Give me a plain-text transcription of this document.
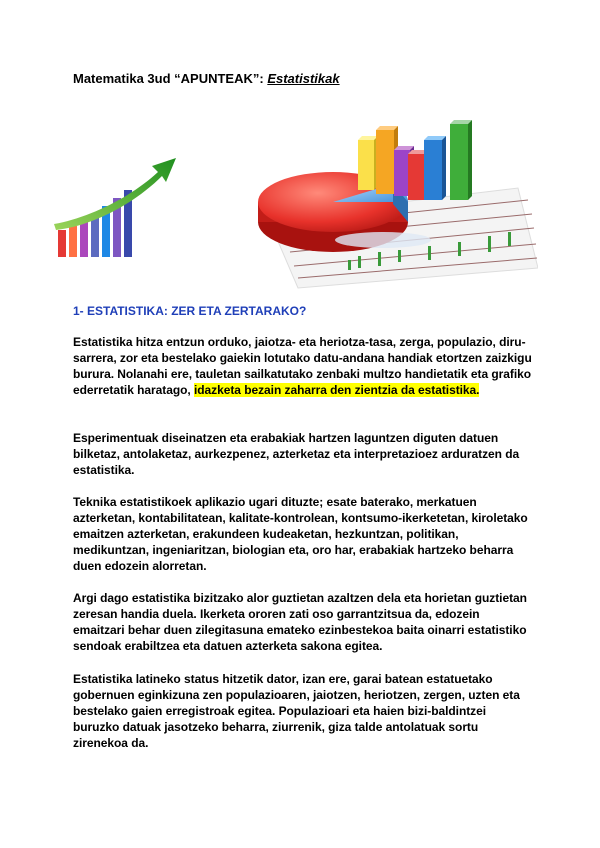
Matematika 3ud “APUNTEAK”: Estatistikak
1- ESTATISTIKA: ZER ETA ZERTARAKO?

Estatistika hitza entzun orduko, jaiotza- eta heriotza-tasa, zerga, populazio, diru-sarrera, zor eta bestelako gaiekin lotutako datu-andana handiak etortzen zaizkigu burura. Nolanahi ere, tauletan sailkatutako zenbaki multzo handietatik eta grafiko ederretatik haratago, idazketa bezain zaharra den zientzia da estatistika.

Esperimentuak diseinatzen eta erabakiak hartzen laguntzen diguten datuen bilketaz, antolaketaz, aurkezpenez, azterketaz eta interpretazioez arduratzen da estatistika.

Teknika estatistikoek aplikazio ugari dituzte; esate baterako, merkatuen azterketan, kontabilitatean, kalitate-kontrolean, kontsumo-ikerketetan, kiroletako emaitzen azterketan, erakundeen kudeaketan, hezkuntzan, politikan, medikuntzan, ingeniaritzan, biologian eta, oro har, erabakiak hartzeko beharra duen edozein alorretan.

Argi dago estatistika bizitzako alor guztietan azaltzen dela eta horietan guztietan zeresan handia duela. Ikerketa ororen zati oso garrantzitsua da, edozein emaitzari behar duen zilegitasuna emateko ezinbestekoa baita oinarri estatistiko sendoak erabiltzea eta datuen azterketa sakona egitea.

Estatistika latineko status hitzetik dator, izan ere, garai batean estatuetako gobernuen eginkizuna zen populazioaren, jaiotzen, heriotzen, zergen, uzten eta bestelako gaien erregistroak egitea. Populazioari eta haien bizi-baldintzei buruzko datuak jasotzeko beharra, ziurrenik, giza talde antolatuak sortu zirenekoa da.
